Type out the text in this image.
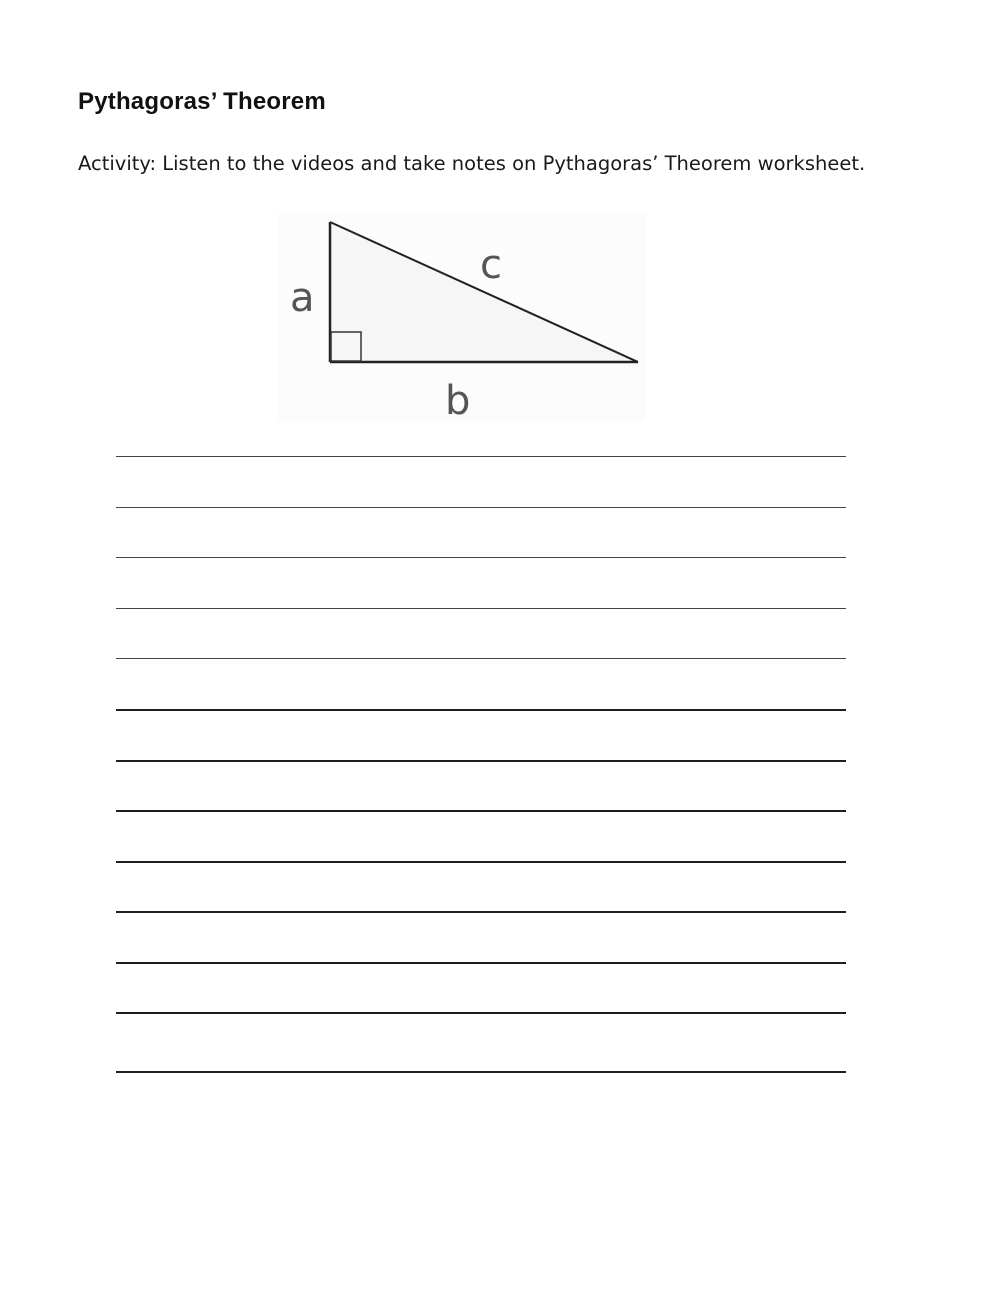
Pythagoras’ Theorem
Activity: Listen to the videos and take notes on Pythagoras’ Theorem worksheet.
a
c
b
